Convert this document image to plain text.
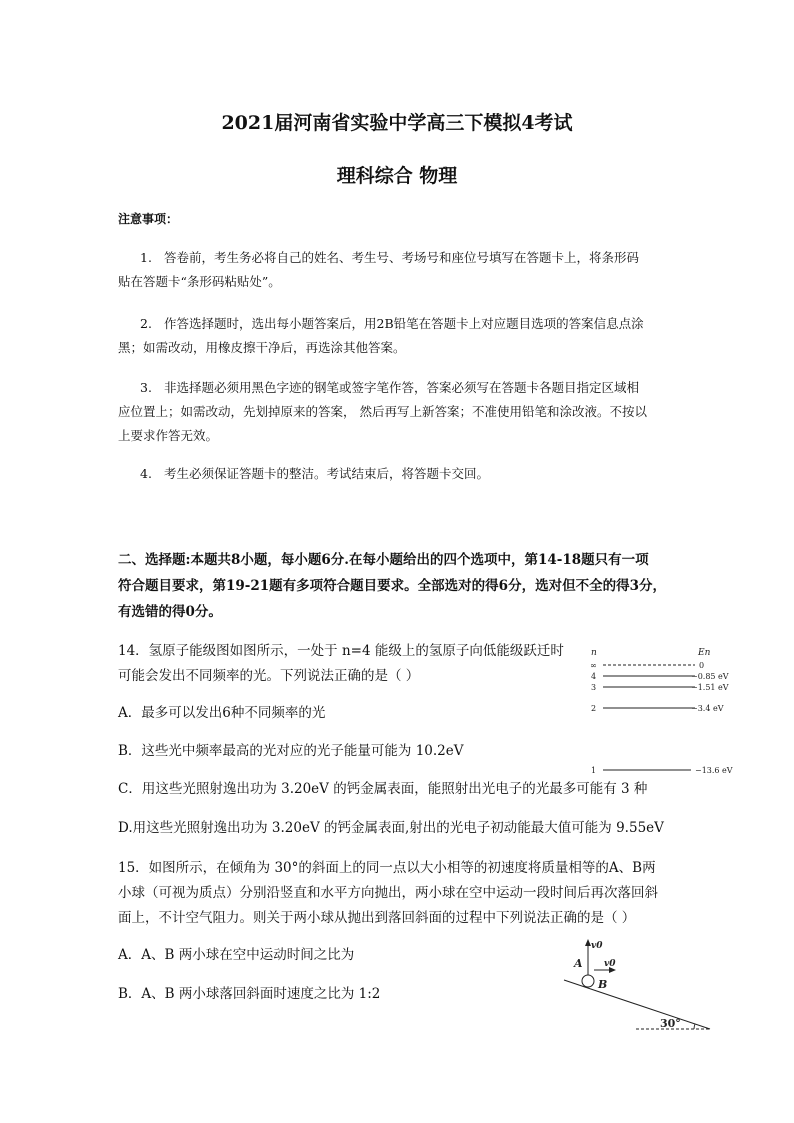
2021届河南省实验中学高三下模拟4考试
理科综合 物理
注意事项：
1. 答卷前，考生务必将自己的姓名、考生号、考场号和座位号填写在答题卡上，将条形码
贴在答题卡“条形码粘贴处”。
2. 作答选择题时，选出每小题答案后，用2B铅笔在答题卡上对应题目选项的答案信息点涂
黑；如需改动，用橡皮擦干净后，再选涂其他答案。
3. 非选择题必须用黑色字迹的钢笔或签字笔作答，答案必须写在答题卡各题目指定区域相
应位置上；如需改动，先划掉原来的答案， 然后再写上新答案；不准使用铅笔和涂改液。不按以
上要求作答无效。
4. 考生必须保证答题卡的整洁。考试结束后，将答题卡交回。
二、选择题:本题共8小题，每小题6分.在每小题给出的四个选项中，第14-18题只有一项
符合题目要求，第19-21题有多项符合题目要求。全部选对的得6分，选对但不全的得3分，
有选错的得0分。
14．氢原子能级图如图所示，一处于 n=4 能级上的氢原子向低能级跃迁时
可能会发出不同频率的光。下列说法正确的是（ ）
A．最多可以发出6种不同频率的光
B．这些光中频率最高的光对应的光子能量可能为 10.2eV
C．用这些光照射逸出功为 3.20eV 的钙金属表面，能照射出光电子的光最多可能有 3 种
D.用这些光照射逸出功为 3.20eV 的钙金属表面,射出的光电子初动能最大值可能为 9.55eV
n	En
∞	0
4	−0.85 eV
3	−1.51 eV
2	−3.4 eV
1	−13.6 eV
15．如图所示，在倾角为 30°的斜面上的同一点以大小相等的初速度将质量相等的A、B两
小球（可视为质点）分别沿竖直和水平方向抛出，两小球在空中运动一段时间后再次落回斜
面上，不计空气阻力。则关于两小球从抛出到落回斜面的过程中下列说法正确的是（ ）
A．A、B 两小球在空中运动时间之比为
B．A、B 两小球落回斜面时速度之比为 1:2
30°
v0
v0
A
B
